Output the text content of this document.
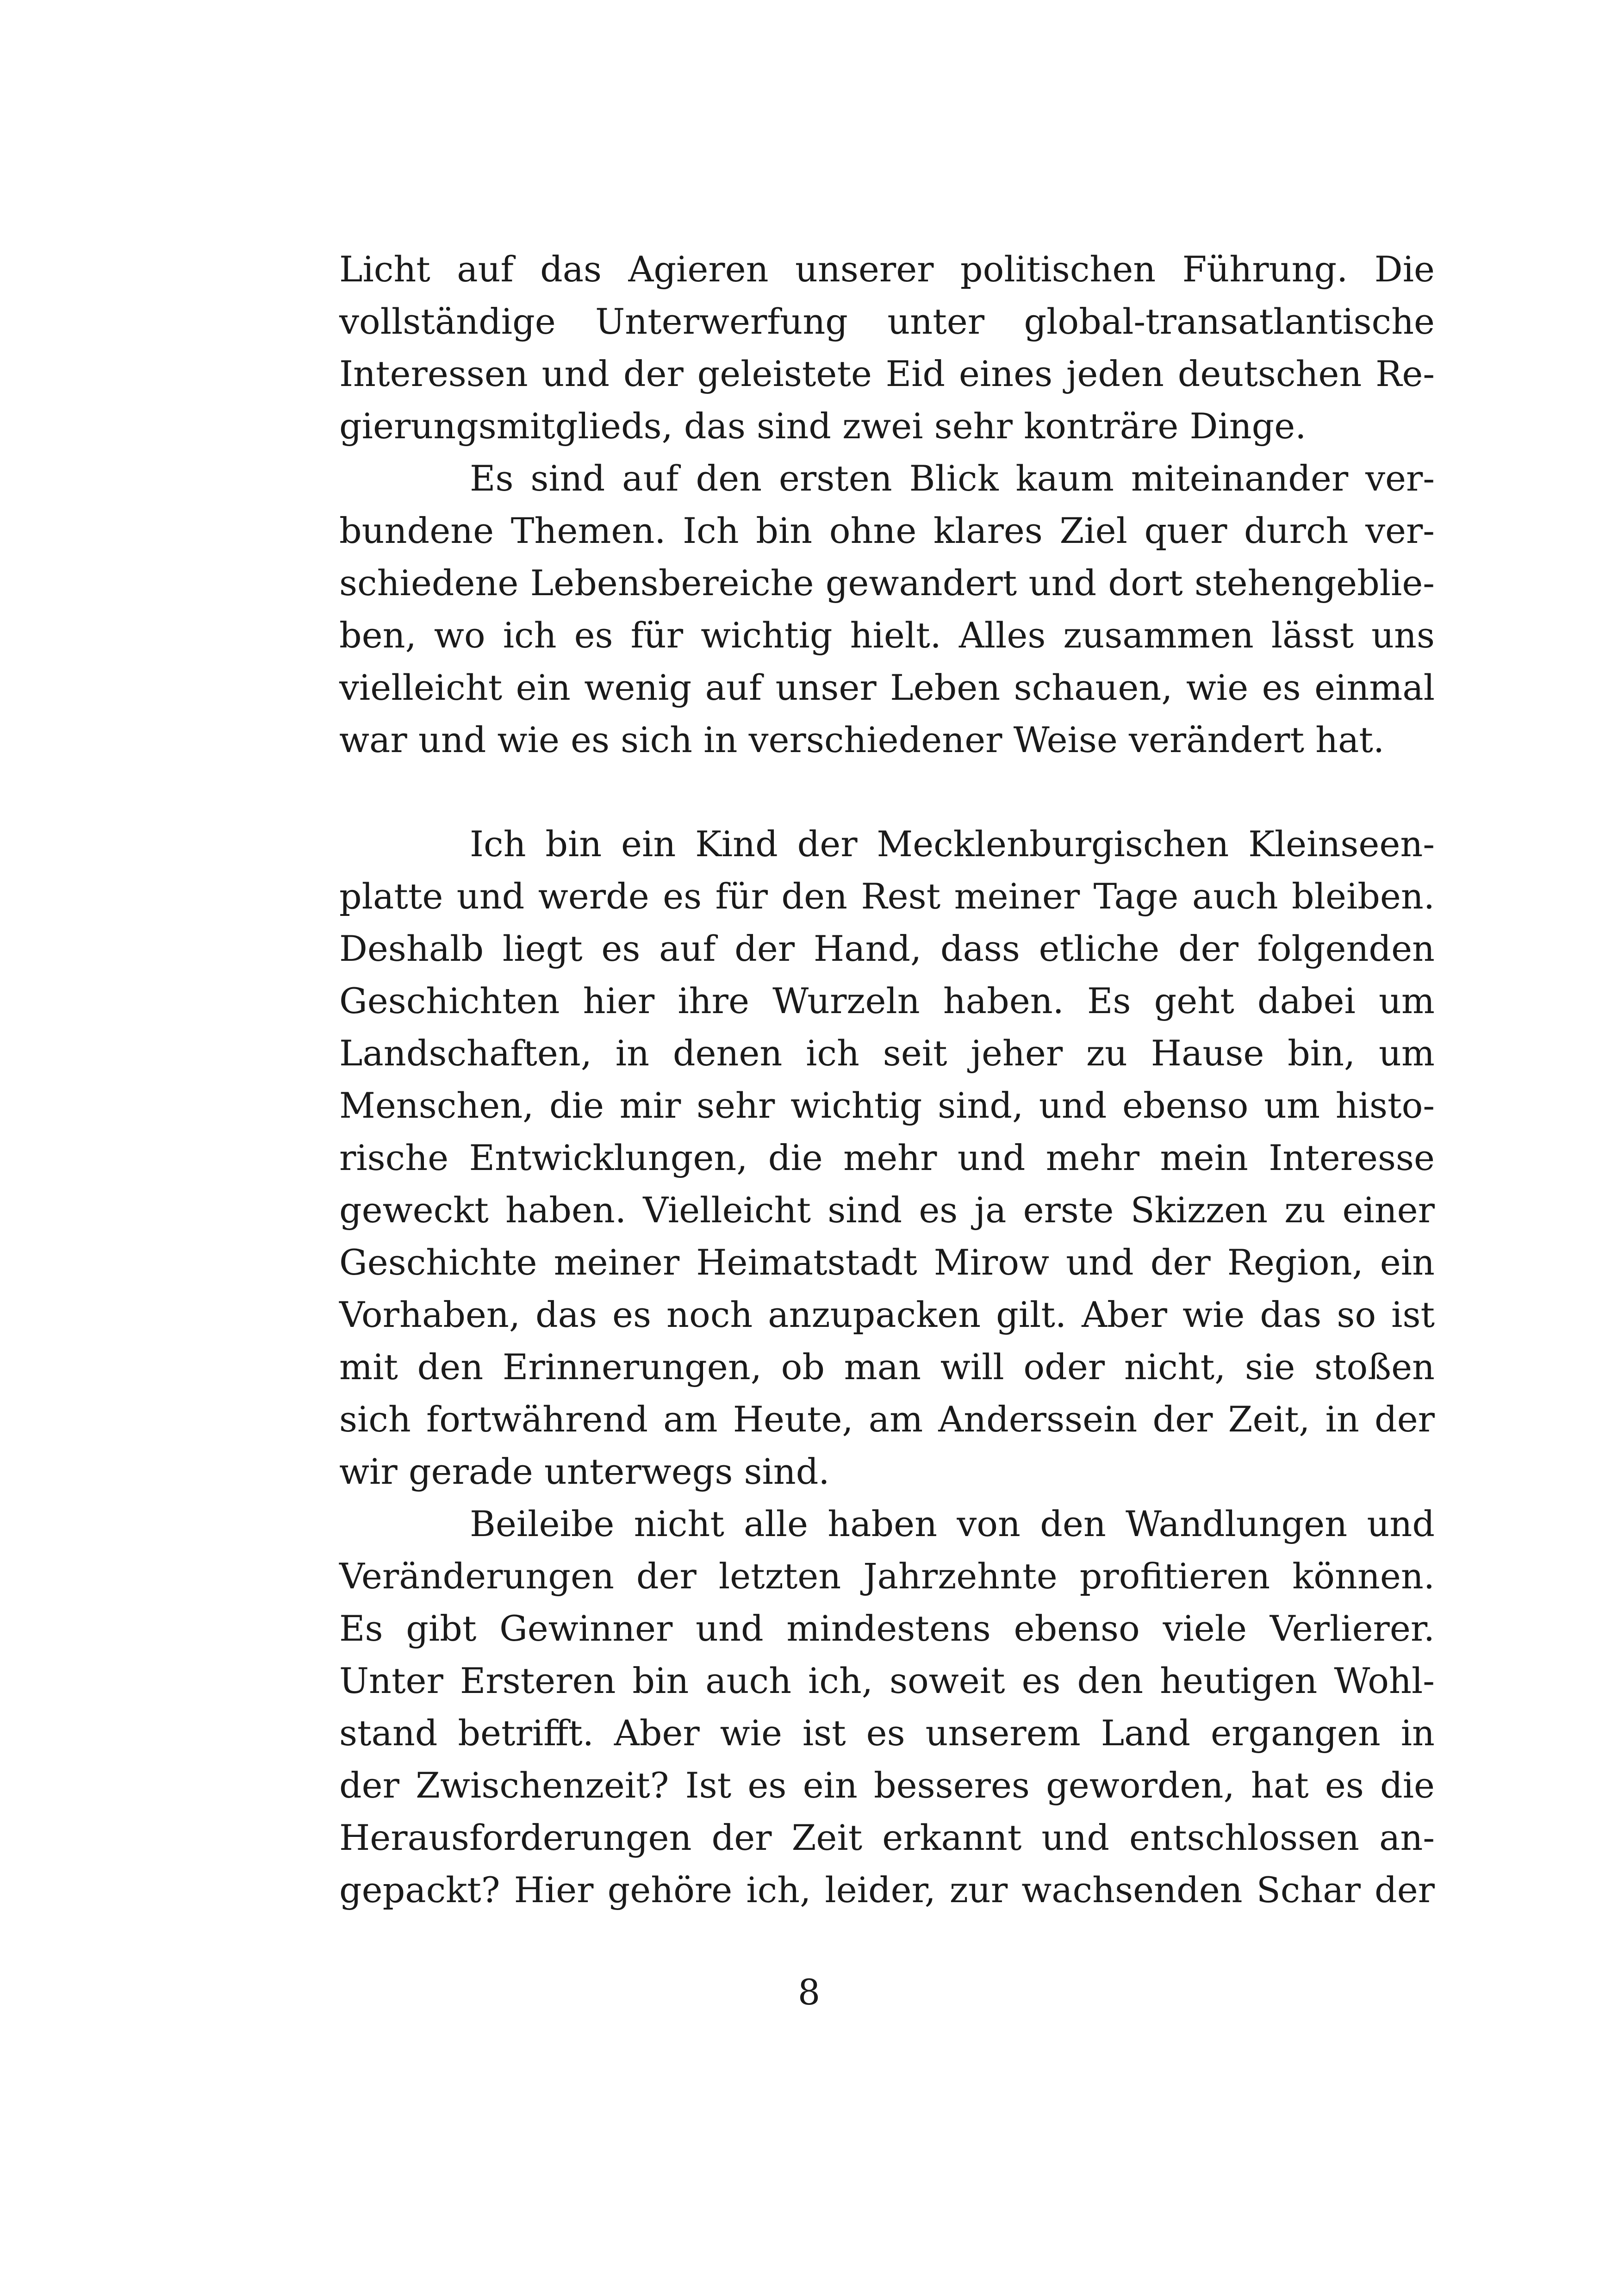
Licht auf das Agieren unserer politischen Führung. Die
vollständige Unterwerfung unter global-transatlantische
Interessen und der geleistete Eid eines jeden deutschen Re-
gierungsmitglieds, das sind zwei sehr konträre Dinge.
Es sind auf den ersten Blick kaum miteinander ver-
bundene Themen. Ich bin ohne klares Ziel quer durch ver-
schiedene Lebensbereiche gewandert und dort stehengeblie-
ben, wo ich es für wichtig hielt. Alles zusammen lässt uns
vielleicht ein wenig auf unser Leben schauen, wie es einmal
war und wie es sich in verschiedener Weise verändert hat.
Ich bin ein Kind der Mecklenburgischen Kleinseen-
platte und werde es für den Rest meiner Tage auch bleiben.
Deshalb liegt es auf der Hand, dass etliche der folgenden
Geschichten hier ihre Wurzeln haben. Es geht dabei um
Landschaften, in denen ich seit jeher zu Hause bin, um
Menschen, die mir sehr wichtig sind, und ebenso um histo-
rische Entwicklungen, die mehr und mehr mein Interesse
geweckt haben. Vielleicht sind es ja erste Skizzen zu einer
Geschichte meiner Heimatstadt Mirow und der Region, ein
Vorhaben, das es noch anzupacken gilt. Aber wie das so ist
mit den Erinnerungen, ob man will oder nicht, sie stoßen
sich fortwährend am Heute, am Anderssein der Zeit, in der
wir gerade unterwegs sind.
Beileibe nicht alle haben von den Wandlungen und
Veränderungen der letzten Jahrzehnte profitieren können.
Es gibt Gewinner und mindestens ebenso viele Verlierer.
Unter Ersteren bin auch ich, soweit es den heutigen Wohl-
stand betrifft. Aber wie ist es unserem Land ergangen in
der Zwischenzeit? Ist es ein besseres geworden, hat es die
Herausforderungen der Zeit erkannt und entschlossen an-
gepackt? Hier gehöre ich, leider, zur wachsenden Schar der
8
